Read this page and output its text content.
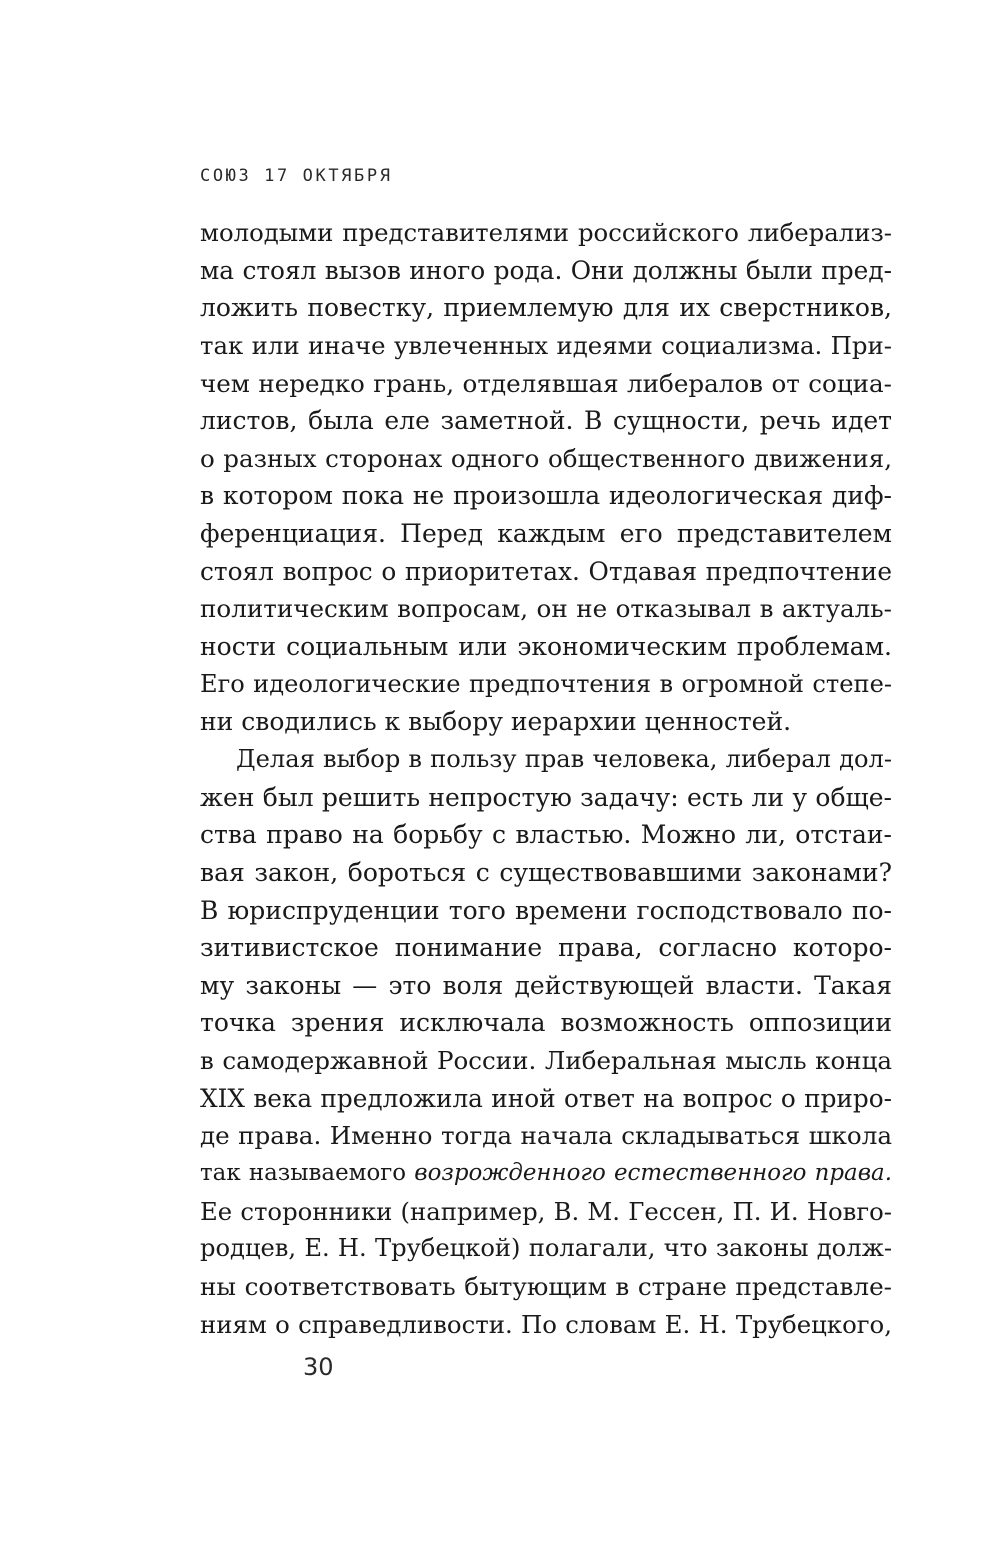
СОЮЗ 17 ОКТЯБРЯ
молодыми представителями российского либерализ-
ма стоял вызов иного рода. Они должны были пред-
ложить повестку, приемлемую для их сверстников,
так или иначе увлеченных идеями социализма. При-
чем нередко грань, отделявшая либералов от социа-
листов, была еле заметной. В сущности, речь идет
о разных сторонах одного общественного движения,
в котором пока не произошла идеологическая диф-
ференциация. Перед каждым его представителем
стоял вопрос о приоритетах. Отдавая предпочтение
политическим вопросам, он не отказывал в актуаль-
ности социальным или экономическим проблемам.
Его идеологические предпочтения в огромной степе-
ни сводились к выбору иерархии ценностей.
Делая выбор в пользу прав человека, либерал дол-
жен был решить непростую задачу: есть ли у обще-
ства право на борьбу с властью. Можно ли, отстаи-
вая закон, бороться с существовавшими законами?
В юриспруденции того времени господствовало по-
зитивистское понимание права, согласно которо-
му законы — это воля действующей власти. Такая
точка зрения исключала возможность оппозиции
в самодержавной России. Либеральная мысль конца
XIX века предложила иной ответ на вопрос о приро-
де права. Именно тогда начала складываться школа
так называемого возрожденного естественного права.
Ее сторонники (например, В. М. Гессен, П. И. Новго-
родцев, Е. Н. Трубецкой) полагали, что законы долж-
ны соответствовать бытующим в стране представле-
ниям о справедливости. По словам Е. Н. Трубецкого,
30
